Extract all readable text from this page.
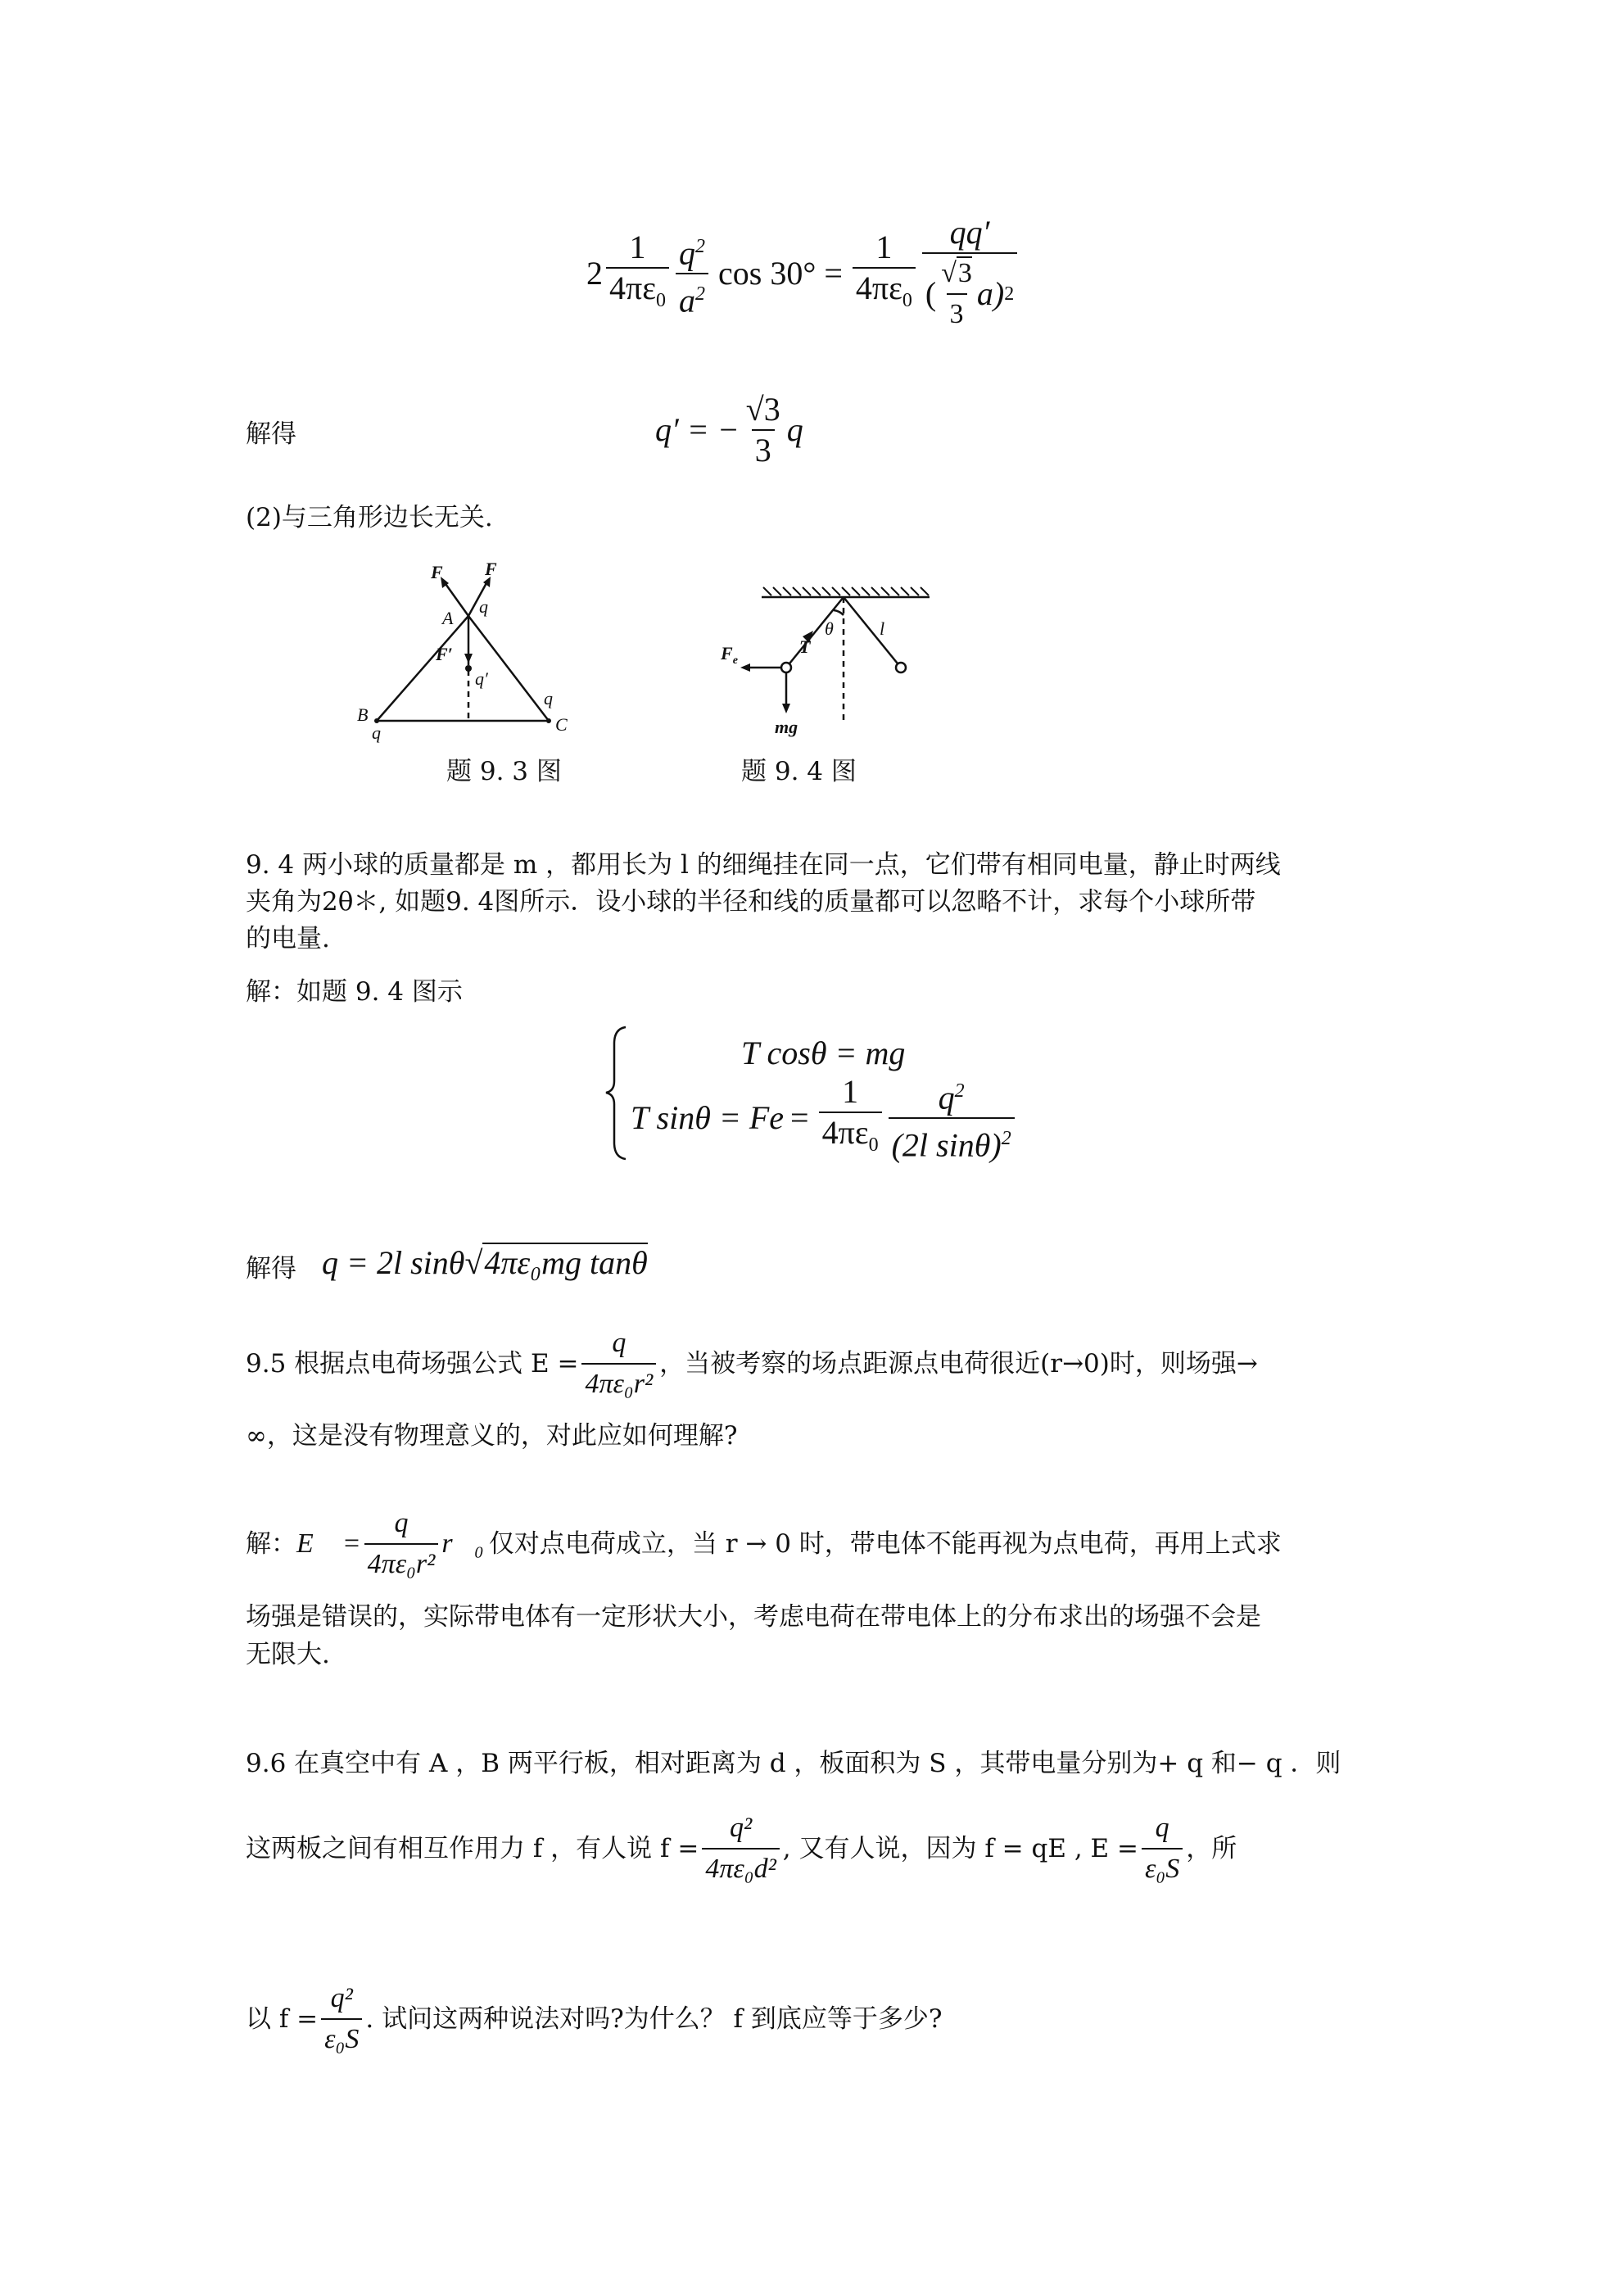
$2 \frac{1}{4\pi\varepsilon_0} \frac{q^2}{a^2}$ $\cos 30^\circ = \frac{1}{4\pi\varepsilon_0} \frac{qq'}{( \frac{√3}{3} a) 2}$
解得	q′ = − $\frac{√3}{3}$ q
(2)与三角形边长无关.
F F
A
q
F′
q′
B
q
q
C
题 9. 3 图
$F_e$
T
θ	l
mg
题 9. 4 图
9. 4 两小球的质量都是 m ，都用长为 l 的细绳挂在同一点，它们带有相同电量，静止时两线
夹角为2θ＊, 如题9. 4图所示．设小球的半径和线的质量都可以忽略不计，求每个小球所带
的电量.
解：如题 9. 4 图示
T cosθ = mg
T sinθ = F $e = \frac{1}{4\pi\varepsilon_0} \frac{q^2}{(2l \sin\theta)^2}$
解得 q = 2l sinθ√4πε₀mg tanθ
9.5 根据点电荷场强公式 $E = \frac{q}{\text{4πε₀r²}}$ ，当被考察的场点距源点电荷很近(r→0)时，则场强→
∞，这是没有物理意义的，对此应如何理解?
解： E⃗ = $\frac{q}{\text{4πε₀r²}}$ r⃗₀ 仅对点电荷成立，当 r → 0 时，带电体不能再视为点电荷，再用上式求
场强是错误的，实际带电体有一定形状大小，考虑电荷在带电体上的分布求出的场强不会是
无限大.
9.6 在真空中有 A ，B 两平行板，相对距离为 d ，板面积为 S ，其带电量分别为+ q 和− q ．则
这两板之间有相互作用力 f ，有人说 $f = \frac{\text{q²}}{\text{4πε₀d²}}$ , 又有人说，因为 f = qE , $E = \frac{q}{\text{ε₀S}}$ ，所
以 $f = \frac{\text{q²}}{\text{ε₀S}}$ . 试问这两种说法对吗?为什么？ f 到底应等于多少?
